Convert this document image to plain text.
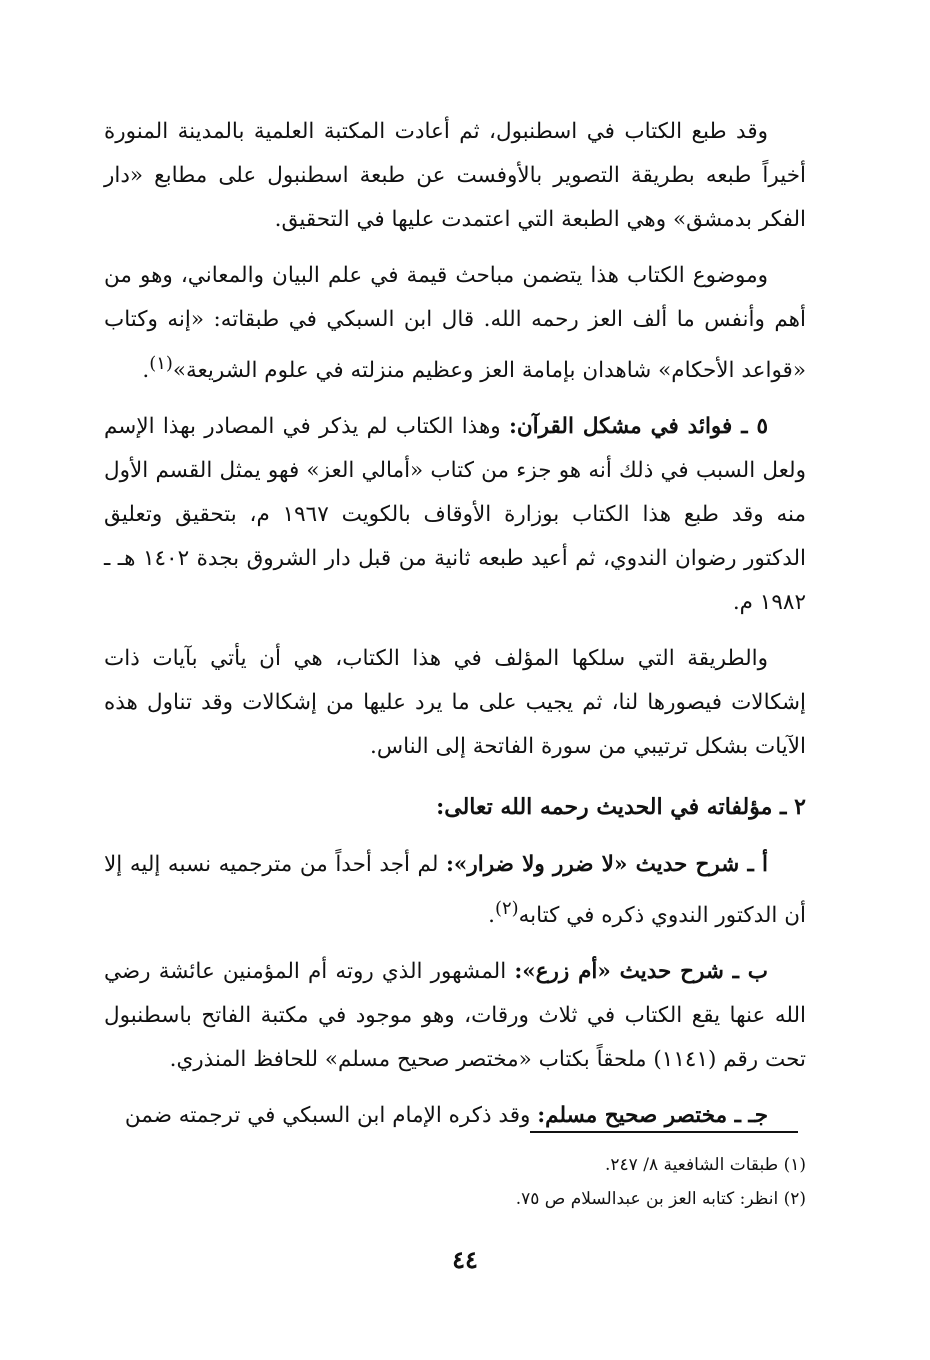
وقد طبع الكتاب في اسطنبول، ثم أعادت المكتبة العلمية بالمدينة المنورة أخيراً طبعه بطريقة التصوير بالأوفست عن طبعة اسطنبول على مطابع «دار الفكر بدمشق» وهي الطبعة التي اعتمدت عليها في التحقيق.

وموضوع الكتاب هذا يتضمن مباحث قيمة في علم البيان والمعاني، وهو من أهم وأنفس ما ألف العز رحمه الله. قال ابن السبكي في طبقاته: «إنه وكتاب «قواعد الأحكام» شاهدان بإمامة العز وعظيم منزلته في علوم الشريعة»$^{(١)}$.

٥ ـ فوائد في مشكل القرآن: وهذا الكتاب لم يذكر في المصادر بهذا الإسم ولعل السبب في ذلك أنه هو جزء من كتاب «أمالي العز» فهو يمثل القسم الأول منه وقد طبع هذا الكتاب بوزارة الأوقاف بالكويت ١٩٦٧ م، بتحقيق وتعليق الدكتور رضوان الندوي، ثم أعيد طبعه ثانية من قبل دار الشروق بجدة ١٤٠٢ هـ ـ ١٩٨٢ م.

والطريقة التي سلكها المؤلف في هذا الكتاب، هي أن يأتي بآيات ذات إشكالات فيصورها لنا، ثم يجيب على ما يرد عليها من إشكالات وقد تناول هذه الآيات بشكل ترتيبي من سورة الفاتحة إلى الناس.

٢ ـ مؤلفاته في الحديث رحمه الله تعالى:

أ ـ شرح حديث «لا ضرر ولا ضرار»: لم أجد أحداً من مترجميه نسبه إليه إلا أن الدكتور الندوي ذكره في كتابه$^{(٢)}$.

ب ـ شرح حديث «أم زرع»: المشهور الذي روته أم المؤمنين عائشة رضي الله عنها يقع الكتاب في ثلاث ورقات، وهو موجود في مكتبة الفاتح باسطنبول تحت رقم (١١٤١) ملحقاً بكتاب «مختصر صحيح مسلم» للحافظ المنذري.

جـ ـ مختصر صحيح مسلم: وقد ذكره الإمام ابن السبكي في ترجمته ضمن

(١) طبقات الشافعية ٨/ ٢٤٧.
(٢) انظر: كتابه العز بن عبدالسلام ص ٧٥.
٤٤
